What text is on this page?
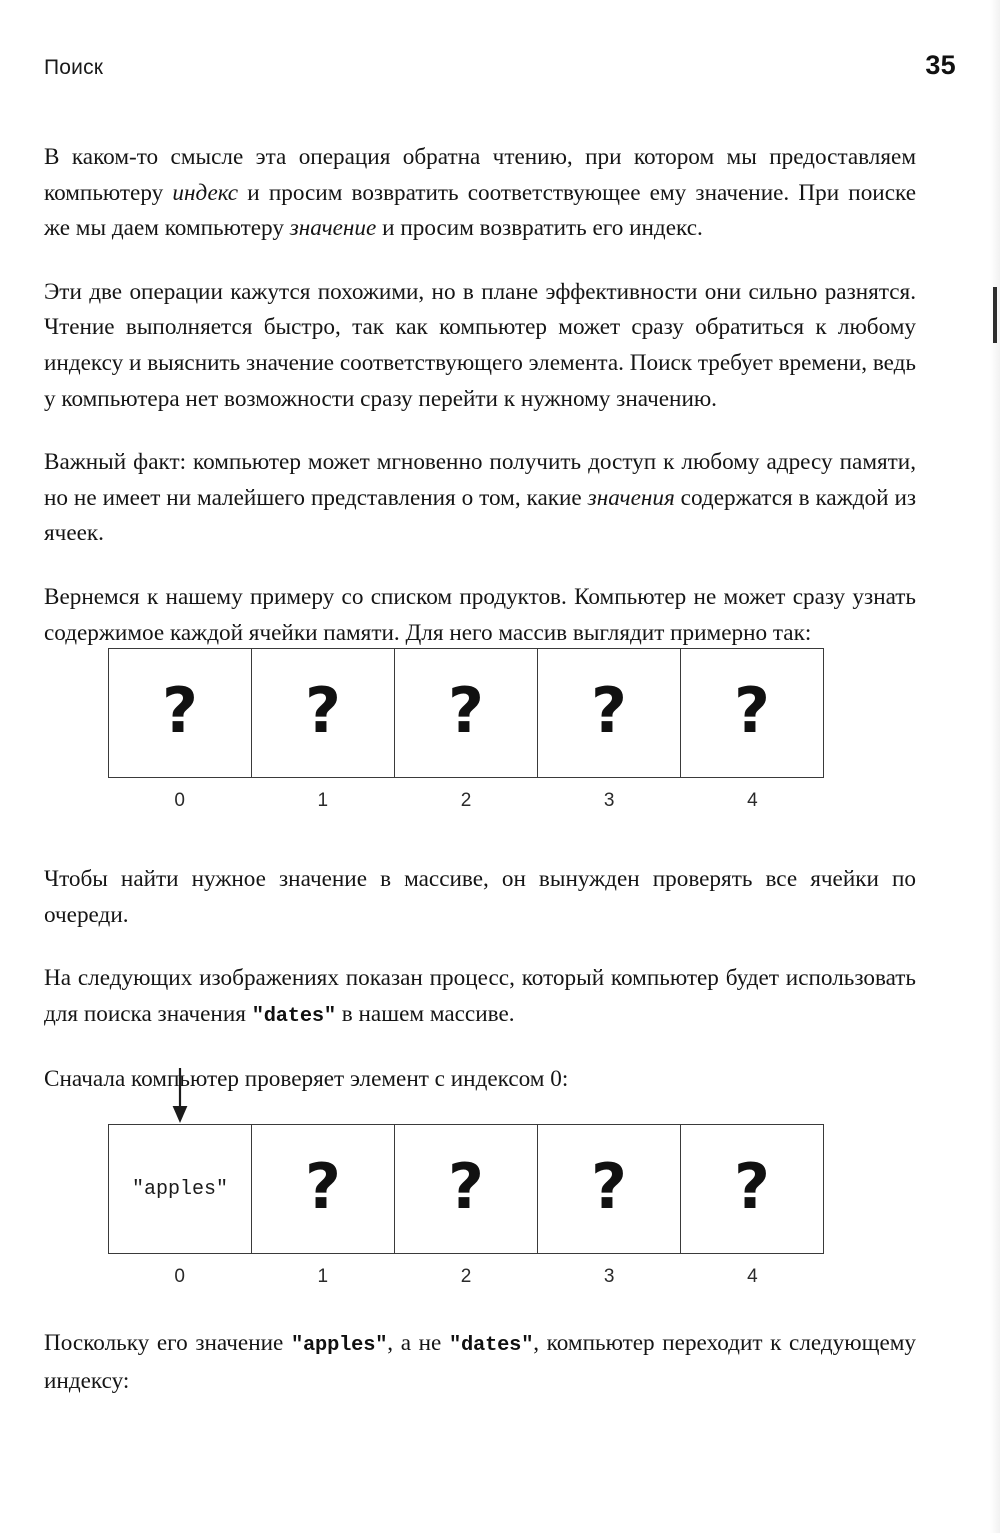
Поиск	35

В каком-то смысле эта операция обратна чтению, при котором мы предоставляем компьютеру индекс и просим возвратить соответствующее ему значение. При поиске же мы даем компьютеру значение и просим возвратить его индекс.

Эти две операции кажутся похожими, но в плане эффективности они сильно разнятся. Чтение выполняется быстро, так как компьютер может сразу обратиться к любому индексу и выяснить значение соответствующего элемента. Поиск требует времени, ведь у компьютера нет возможности сразу перейти к нужному значению.

Важный факт: компьютер может мгновенно получить доступ к любому адресу памяти, но не имеет ни малейшего представления о том, какие значения содержатся в каждой из ячеек.

Вернемся к нашему примеру со списком продуктов. Компьютер не может сразу узнать содержимое каждой ячейки памяти. Для него массив выглядит примерно так:

? ? ? ? ?
0	1	2	3	4

Чтобы найти нужное значение в массиве, он вынужден проверять все ячейки по очереди.

На следующих изображениях показан процесс, который компьютер будет использовать для поиска значения "dates" в нашем массиве.

Сначала компьютер проверяет элемент с индексом 0:

"apples" ? ? ? ?
0	1	2	3	4

Поскольку его значение "apples", а не "dates", компьютер переходит к следующему индексу:
